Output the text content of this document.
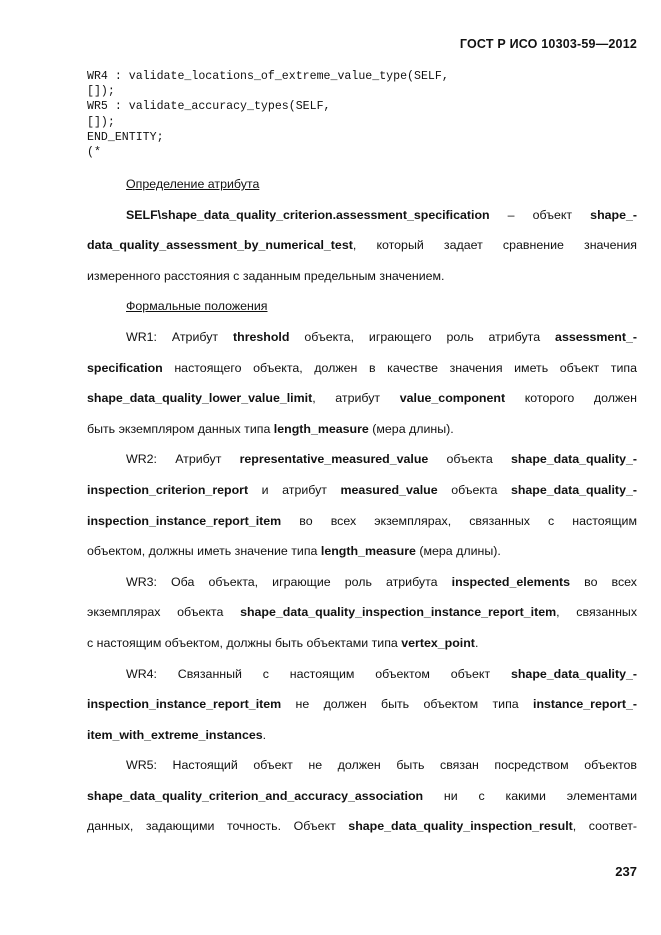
ГОСТ Р ИСО 10303-59—2012
WR4 : validate_locations_of_extreme_value_type(SELF,
[]);
WR5 : validate_accuracy_types(SELF,
[]);
END_ENTITY;
(*
Определение атрибута
SELF\shape_data_quality_criterion.assessment_specification – объект shape_-
data_quality_assessment_by_numerical_test, который задает сравнение значения
измеренного расстояния с заданным предельным значением.
Формальные положения
WR1: Атрибут threshold объекта, играющего роль атрибута assessment_-
specification настоящего объекта, должен в качестве значения иметь объект типа
shape_data_quality_lower_value_limit, атрибут value_component которого должен
быть экземпляром данных типа length_measure (мера длины).
WR2: Атрибут representative_measured_value объекта shape_data_quality_-
inspection_criterion_report и атрибут measured_value объекта shape_data_quality_-
inspection_instance_report_item во всех экземплярах, связанных с настоящим
объектом, должны иметь значение типа length_measure (мера длины).
WR3: Оба объекта, играющие роль атрибута inspected_elements во всех
экземплярах объекта shape_data_quality_inspection_instance_report_item, связанных
с настоящим объектом, должны быть объектами типа vertex_point.
WR4: Связанный с настоящим объектом объект shape_data_quality_-
inspection_instance_report_item не должен быть объектом типа instance_report_-
item_with_extreme_instances.
WR5: Настоящий объект не должен быть связан посредством объектов
shape_data_quality_criterion_and_accuracy_association ни с какими элементами
данных, задающими точность. Объект shape_data_quality_inspection_result, соответ-
237
